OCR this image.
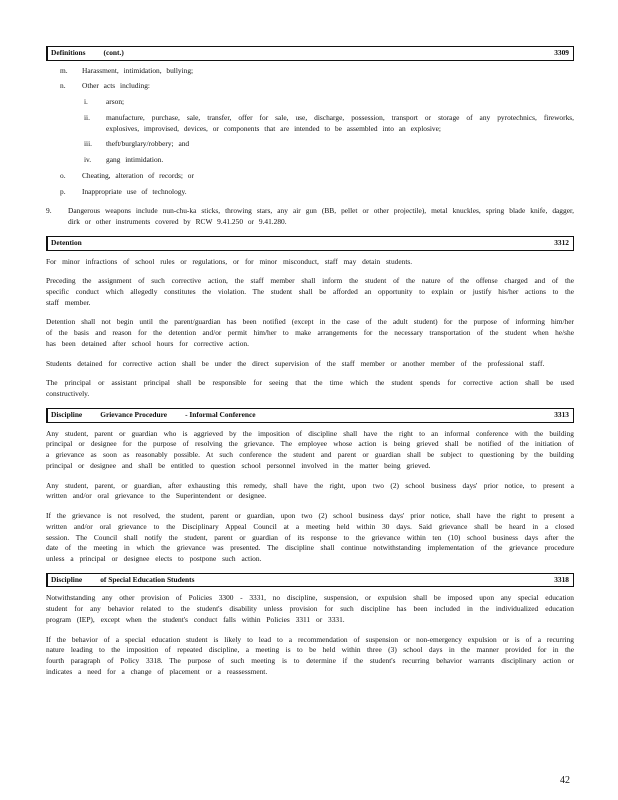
Definitions (cont.)	3309
m.	Harassment, intimidation, bullying;
n.	Other acts including:
i.	arson;
ii.	manufacture, purchase, sale, transfer, offer for sale, use, discharge, possession, transport or storage of any pyrotechnics, fireworks, explosives, improvised, devices, or components that are intended to be assembled into an explosive;
iii.	theft/burglary/robbery; and
iv.	gang intimidation.
o.	Cheating, alteration of records; or
p.	Inappropriate use of technology.
9.	Dangerous weapons include nun-chu-ka sticks, throwing stars, any air gun (BB, pellet or other projectile), metal knuckles, spring blade knife, dagger, dirk or other instruments covered by RCW 9.41.250 or 9.41.280.
Detention	3312

For minor infractions of school rules or regulations, or for minor misconduct, staff may detain students.

Preceding the assignment of such corrective action, the staff member shall inform the student of the nature of the offense charged and of the specific conduct which allegedly constitutes the violation. The student shall be afforded an opportunity to explain or justify his/her actions to the staff member.

Detention shall not begin until the parent/guardian has been notified (except in the case of the adult student) for the purpose of informing him/her of the basis and reason for the detention and/or permit him/her to make arrangements for the necessary transportation of the student when he/she has been detained after school hours for corrective action.

Students detained for corrective action shall be under the direct supervision of the staff member or another member of the professional staff.

The principal or assistant principal shall be responsible for seeing that the time which the student spends for corrective action shall be used constructively.

Discipline Grievance Procedure - Informal Conference	3313

Any student, parent or guardian who is aggrieved by the imposition of discipline shall have the right to an informal conference with the building principal or designee for the purpose of resolving the grievance. The employee whose action is being grieved shall be notified of the initiation of a grievance as soon as reasonably possible. At such conference the student and parent or guardian shall be subject to questioning by the building principal or designee and shall be entitled to question school personnel involved in the matter being grieved.

Any student, parent, or guardian, after exhausting this remedy, shall have the right, upon two (2) school business days' prior notice, to present a written and/or oral grievance to the Superintendent or designee.

If the grievance is not resolved, the student, parent or guardian, upon two (2) school business days' prior notice, shall have the right to present a written and/or oral grievance to the Disciplinary Appeal Council at a meeting held within 30 days. Said grievance shall be heard in a closed session. The Council shall notify the student, parent or guardian of its response to the grievance within ten (10) school business days after the date of the meeting in which the grievance was presented. The discipline shall continue notwithstanding implementation of the grievance procedure unless a principal or designee elects to postpone such action.

Discipline of Special Education Students	3318

Notwithstanding any other provision of Policies 3300 - 3331, no discipline, suspension, or expulsion shall be imposed upon any special education student for any behavior related to the student's disability unless provision for such discipline has been included in the individualized education program (IEP), except when the student's conduct falls within Policies 3311 or 3331.

If the behavior of a special education student is likely to lead to a recommendation of suspension or non-emergency expulsion or is of a recurring nature leading to the imposition of repeated discipline, a meeting is to be held within three (3) school days in the manner provided for in the fourth paragraph of Policy 3318. The purpose of such meeting is to determine if the student's recurring behavior warrants disciplinary action or indicates a need for a change of placement or a reassessment.

42
